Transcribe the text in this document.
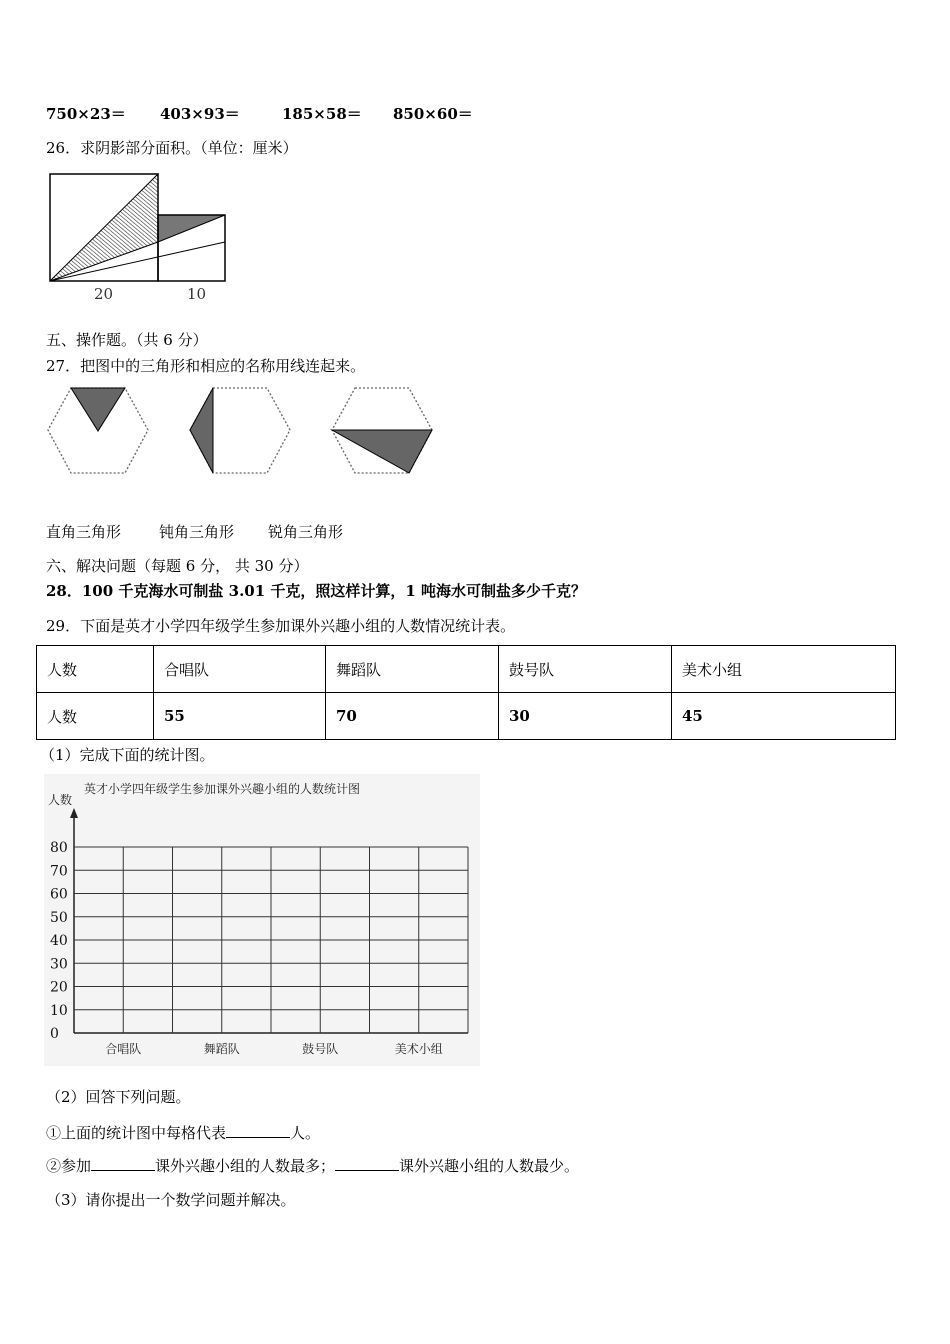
750×23＝ 403×93＝	185×58＝ 850×60＝
26．求阴影部分面积。（单位：厘米）
20	10
五、操作题。（共 6 分）
27．把图中的三角形和相应的名称用线连起来。
直角三角形	钝角三角形 锐角三角形
六、解决问题（每题 6 分， 共 30 分）
28．100 千克海水可制盐 3.01 千克，照这样计算，1 吨海水可制盐多少千克？
29．下面是英才小学四年级学生参加课外兴趣小组的人数情况统计表。
人数	合唱队	舞蹈队	鼓号队	美术小组
人数	55	70	30	45
（1）完成下面的统计图。
英才小学四年级学生参加课外兴趣小组的人数统计图
人数
80
70
60
50
40
30
20
10
0
合唱队	舞蹈队	鼓号队	美术小组
（2）回答下列问题。
①上面的统计图中每格代表	人。
②参加	课外兴趣小组的人数最多；	课外兴趣小组的人数最少。
（3）请你提出一个数学问题并解决。
